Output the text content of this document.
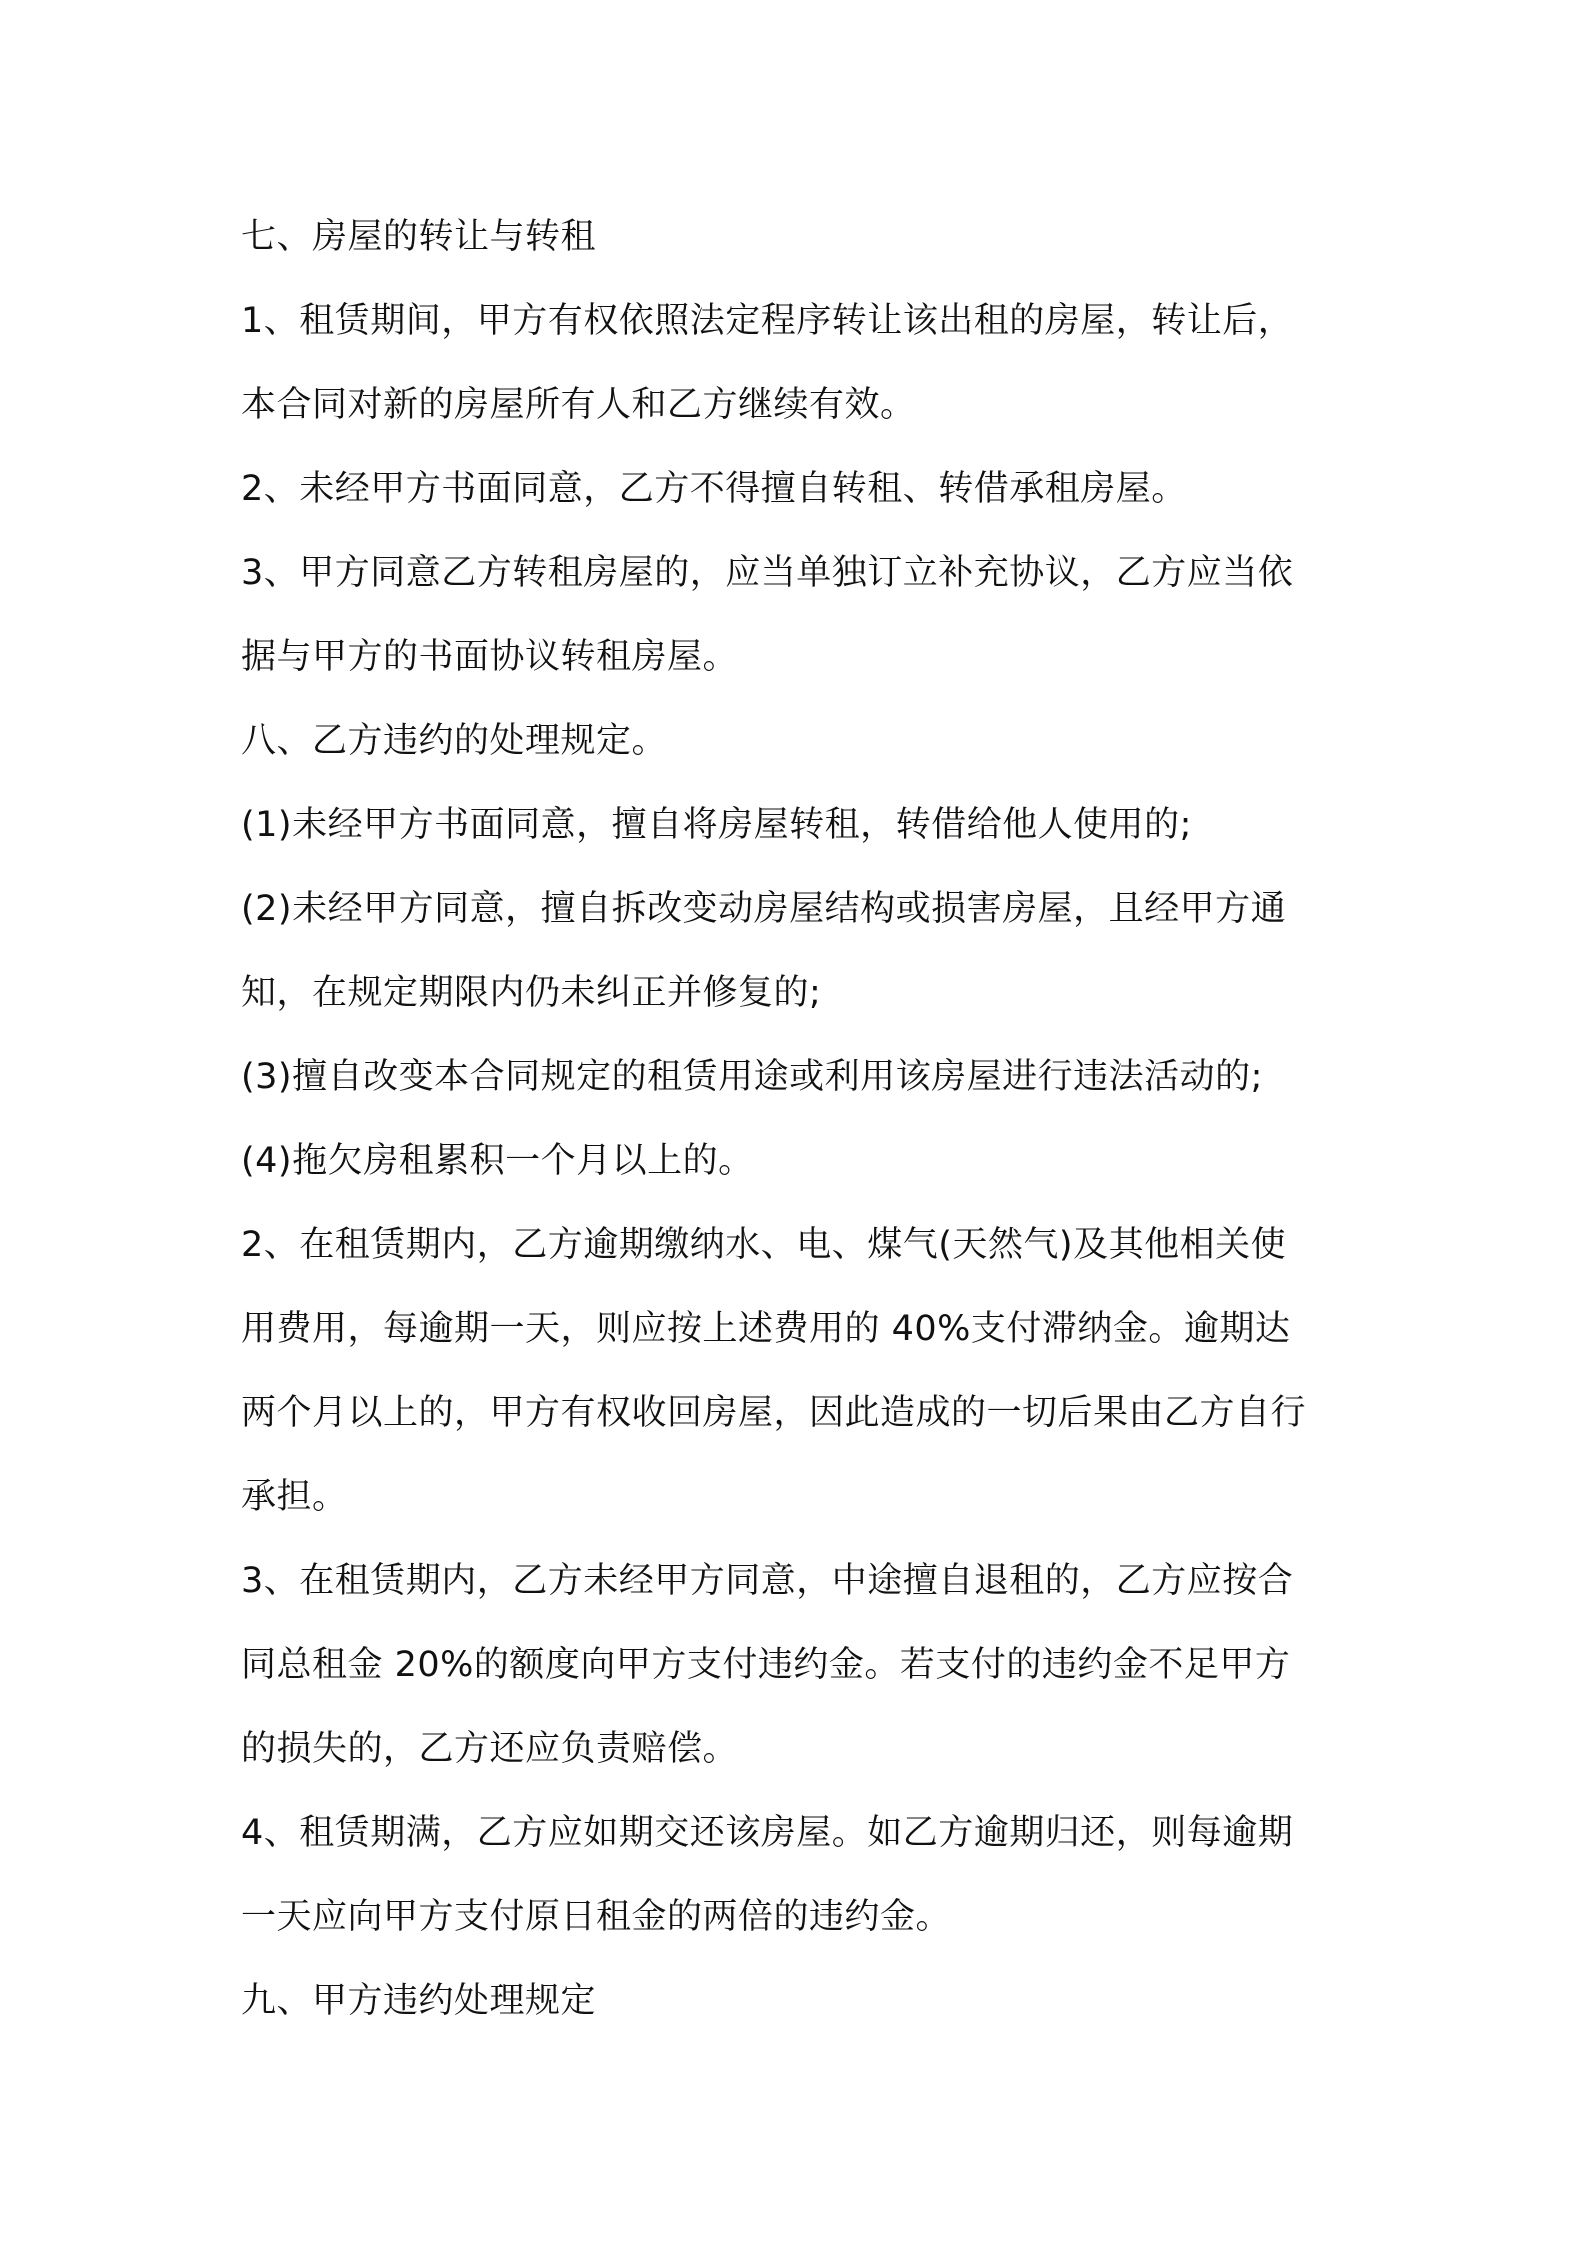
七、房屋的转让与转租

1、租赁期间，甲方有权依照法定程序转让该出租的房屋，转让后，

本合同对新的房屋所有人和乙方继续有效。

2、未经甲方书面同意，乙方不得擅自转租、转借承租房屋。

3、甲方同意乙方转租房屋的，应当单独订立补充协议，乙方应当依

据与甲方的书面协议转租房屋。

八、乙方违约的处理规定。

(1)未经甲方书面同意，擅自将房屋转租，转借给他人使用的;

(2)未经甲方同意，擅自拆改变动房屋结构或损害房屋，且经甲方通

知，在规定期限内仍未纠正并修复的;

(3)擅自改变本合同规定的租赁用途或利用该房屋进行违法活动的;

(4)拖欠房租累积一个月以上的。

2、在租赁期内，乙方逾期缴纳水、电、煤气(天然气)及其他相关使

用费用，每逾期一天，则应按上述费用的 40%支付滞纳金。逾期达

两个月以上的，甲方有权收回房屋，因此造成的一切后果由乙方自行

承担。

3、在租赁期内，乙方未经甲方同意，中途擅自退租的，乙方应按合

同总租金 20%的额度向甲方支付违约金。若支付的违约金不足甲方

的损失的，乙方还应负责赔偿。

4、租赁期满，乙方应如期交还该房屋。如乙方逾期归还，则每逾期

一天应向甲方支付原日租金的两倍的违约金。

九、甲方违约处理规定
